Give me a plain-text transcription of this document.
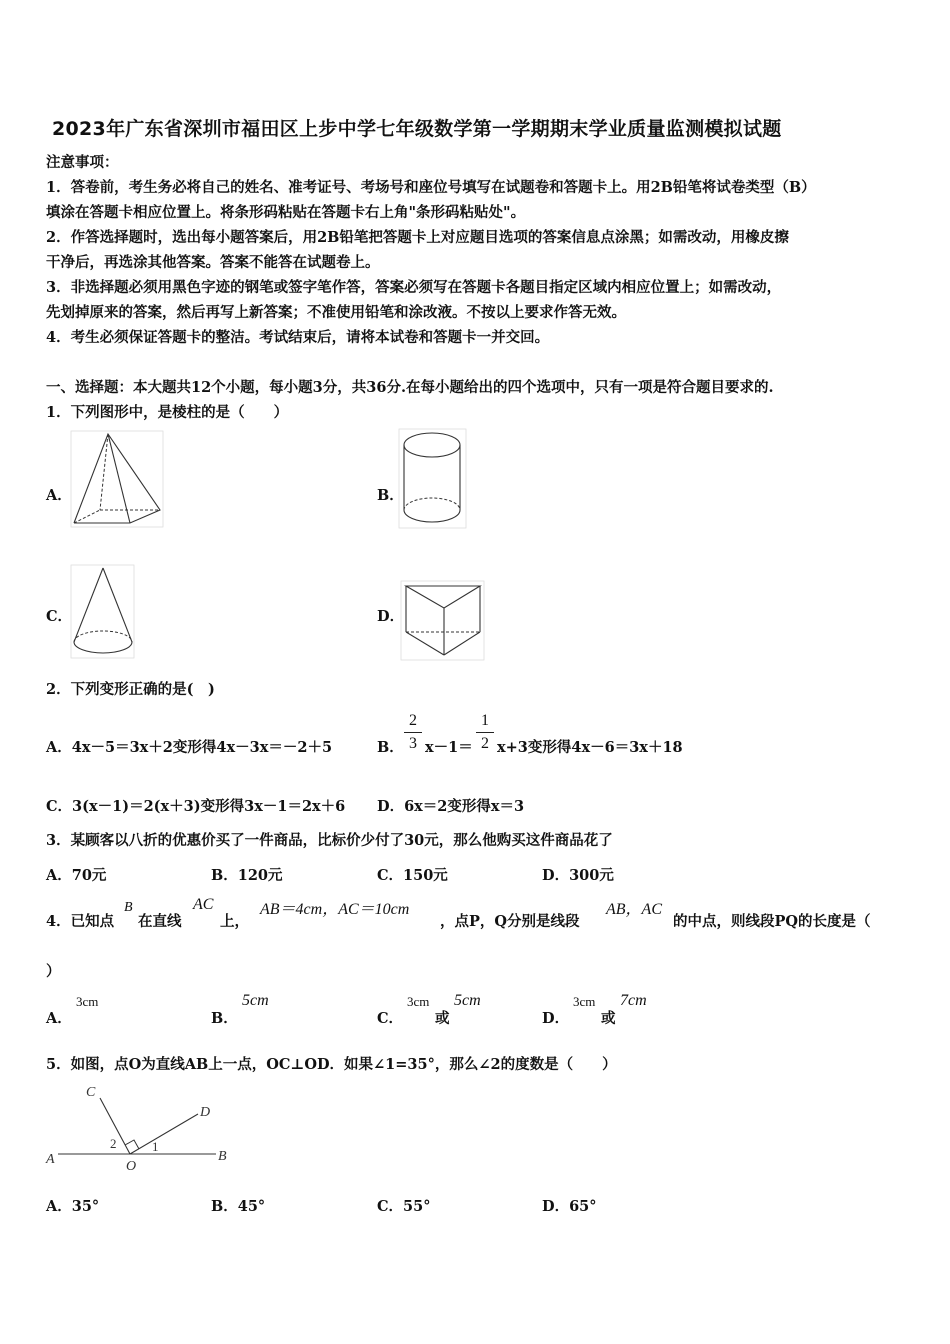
2023年广东省深圳市福田区上步中学七年级数学第一学期期末学业质量监测模拟试题
注意事项：
1．答卷前，考生务必将自己的姓名、准考证号、考场号和座位号填写在试题卷和答题卡上。用2B铅笔将试卷类型（B）
填涂在答题卡相应位置上。将条形码粘贴在答题卡右上角"条形码粘贴处"。
2．作答选择题时，选出每小题答案后，用2B铅笔把答题卡上对应题目选项的答案信息点涂黑；如需改动，用橡皮擦
干净后，再选涂其他答案。答案不能答在试题卷上。
3．非选择题必须用黑色字迹的钢笔或签字笔作答，答案必须写在答题卡各题目指定区域内相应位置上；如需改动，
先划掉原来的答案，然后再写上新答案；不准使用铅笔和涂改液。不按以上要求作答无效。
4．考生必须保证答题卡的整洁。考试结束后，请将本试卷和答题卡一并交回。
一、选择题：本大题共12个小题，每小题3分，共36分.在每小题给出的四个选项中，只有一项是符合题目要求的.
1．下列图形中，是棱柱的是（　　）
A．	B．
C．	D．
2．下列变形正确的是(　)
A．4x－5＝3x＋2变形得4x－3x＝－2＋5	B．
2
3 x－1＝
1
2 x+3变形得4x－6＝3x＋18
C．3(x－1)＝2(x＋3)变形得3x－1＝2x＋6 D．6x＝2变形得x＝3
3．某顾客以八折的优惠价买了一件商品，比标价少付了30元，那么他购买这件商品花了
A．70元	B．120元	C．150元	D．300元
4．已知点
B
在直线
AC
上，
AB＝4cm，AC＝10cm
，点P，Q分别是线段
AB，AC
的中点，则线段PQ的长度是（
）
A．
3cm
B．
5cm
C．
3cm
或
5cm
D．
3cm
或
7cm
5．如图，点O为直线AB上一点，OC⊥OD．如果∠1=35°，那么∠2的度数是（　　）
C
D
A	B
O
1
2
A．35°	B．45°	C．55°	D．65°
